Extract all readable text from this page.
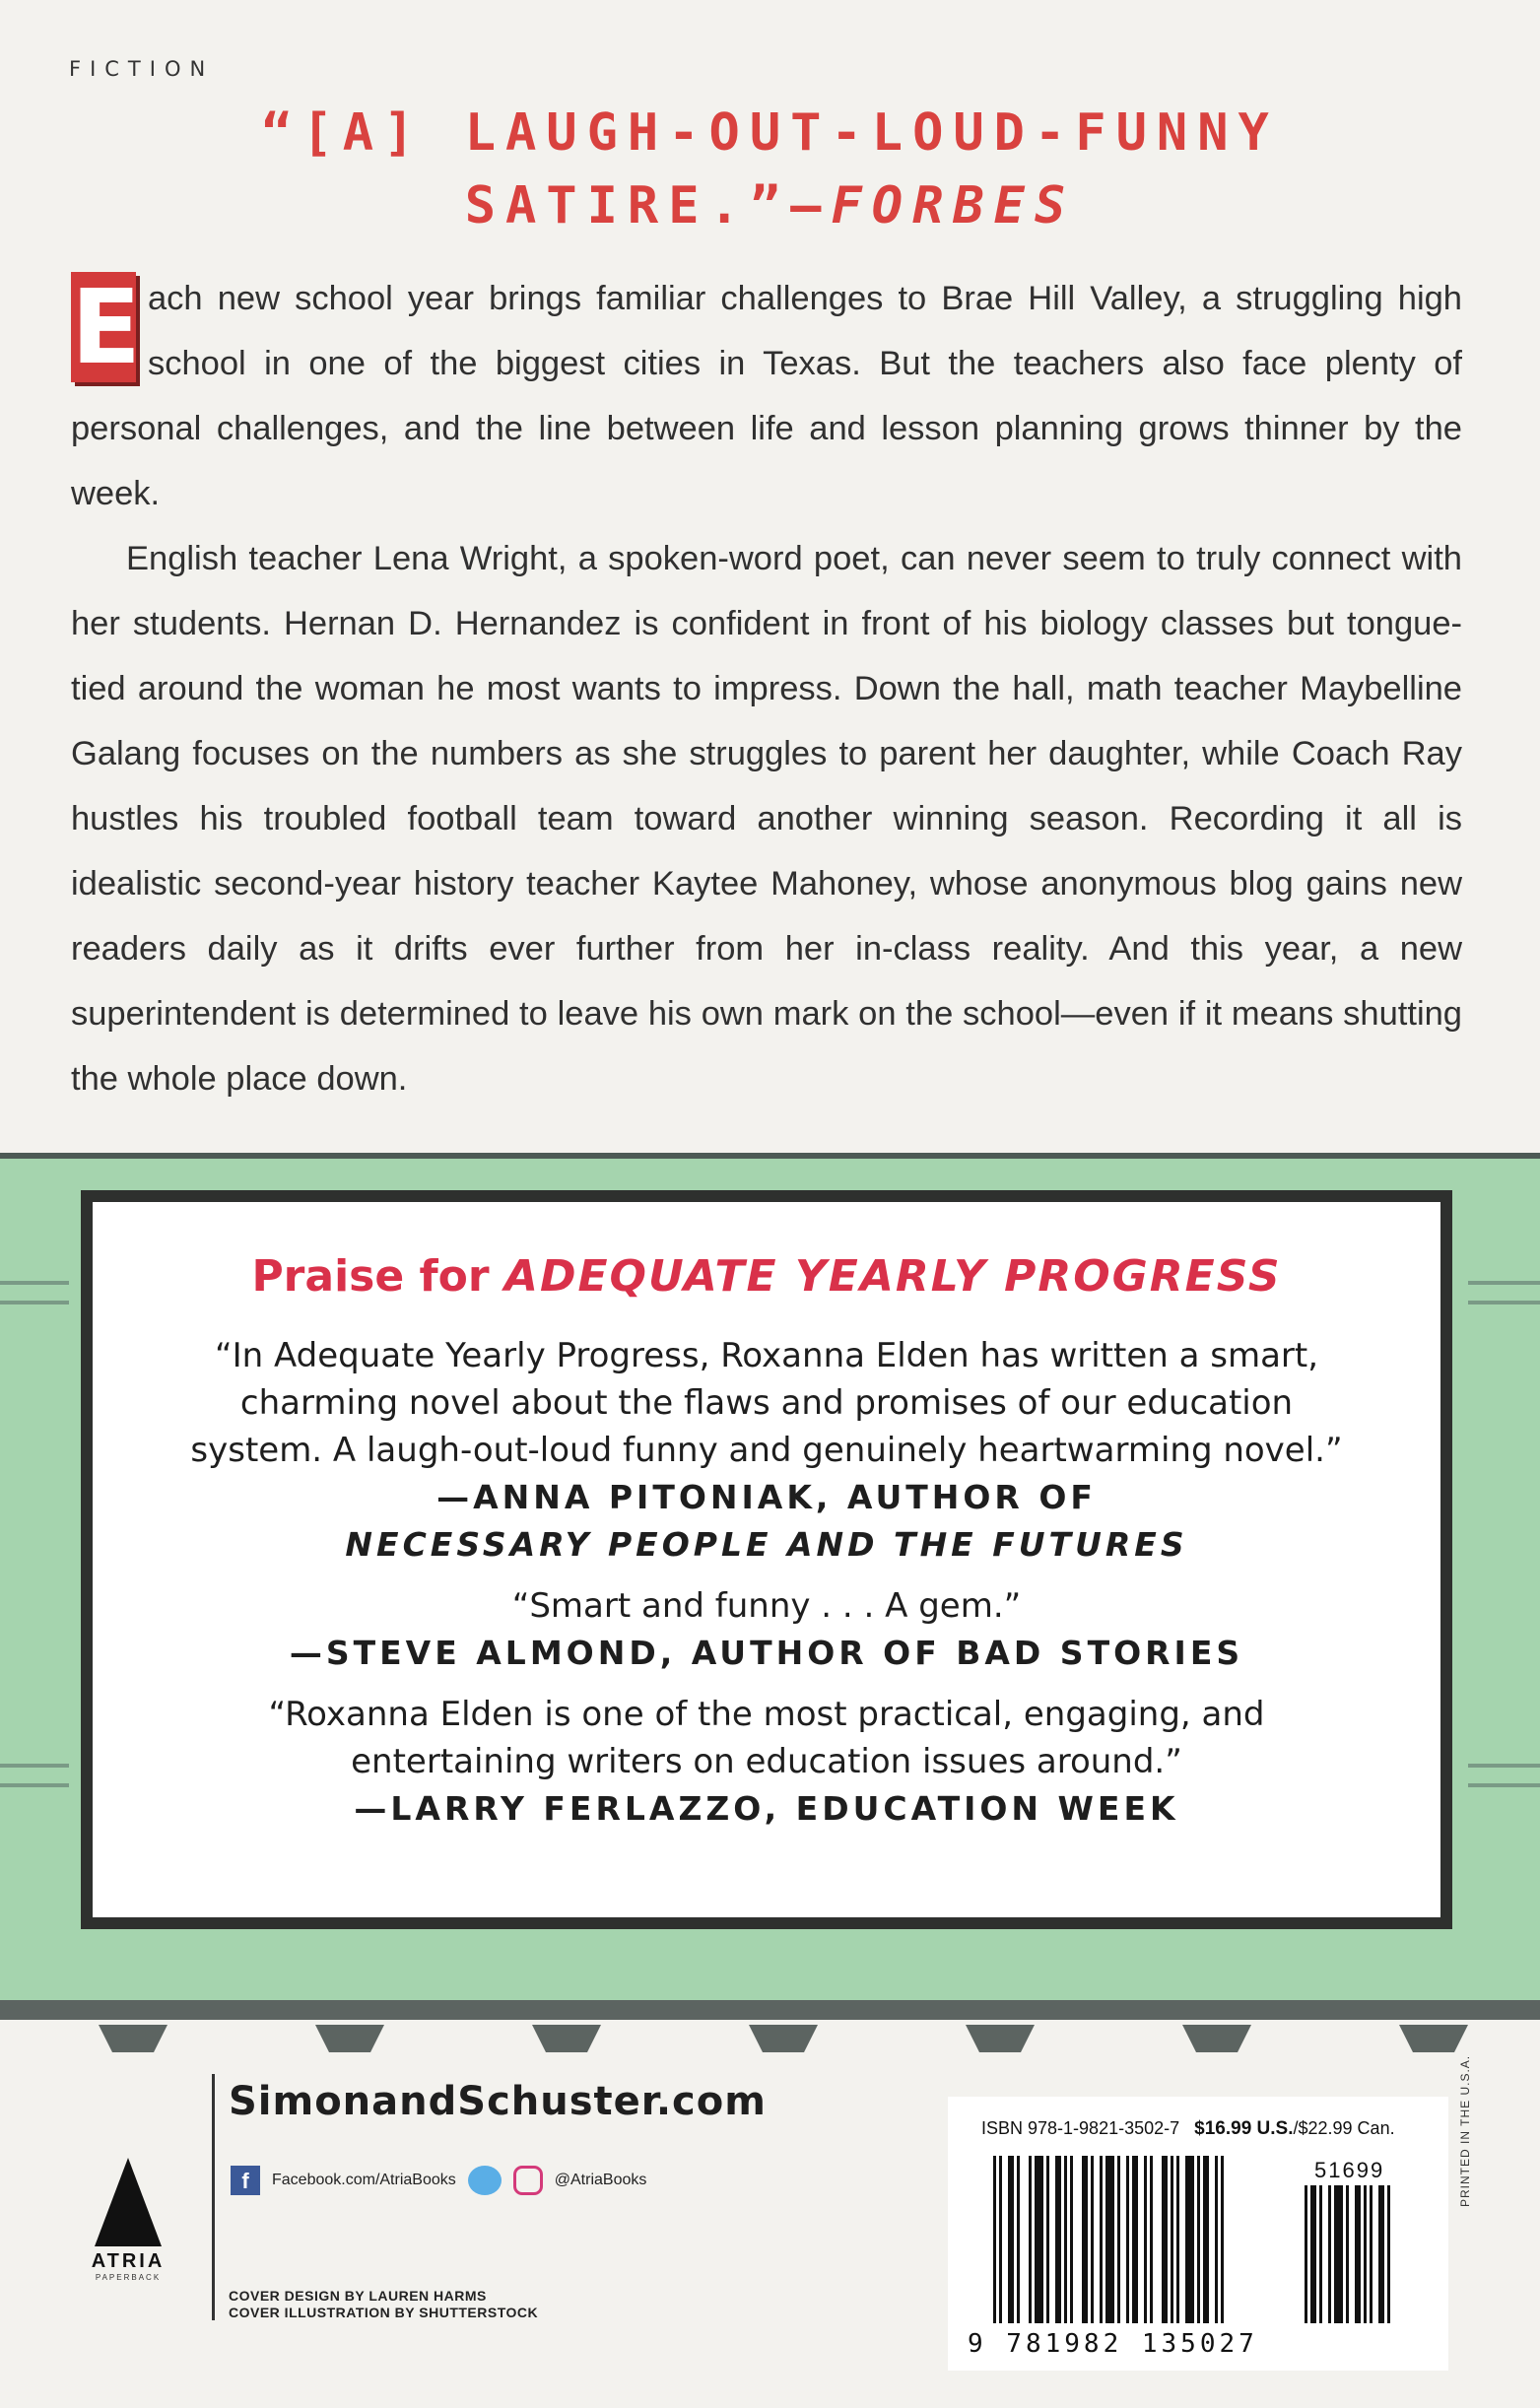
FICTION
“[A] LAUGH-OUT-LOUD-FUNNY
SATIRE.”—FORBES

E ach new school year brings familiar challenges to Brae Hill Valley, a struggling high school in one of the biggest cities in Texas. But the teachers also face plenty of personal challenges, and the line between life and lesson planning grows thinner by the week.

English teacher Lena Wright, a spoken-word poet, can never seem to truly connect with her students. Hernan D. Hernandez is confident in front of his biology classes but tongue-tied around the woman he most wants to impress. Down the hall, math teacher Maybelline Galang focuses on the numbers as she struggles to parent her daughter, while Coach Ray hustles his troubled football team toward another winning season. Recording it all is idealistic second-year history teacher Kaytee Mahoney, whose anonymous blog gains new readers daily as it drifts ever further from her in-class reality. And this year, a new superintendent is determined to leave his own mark on the school—even if it means shutting the whole place down.

Praise for ADEQUATE YEARLY PROGRESS

“In Adequate Yearly Progress, Roxanna Elden has written a smart, charming novel about the flaws and promises of our education system. A laugh-out-loud funny and genuinely heartwarming novel.”

—ANNA PITONIAK, AUTHOR OF

NECESSARY PEOPLE AND THE FUTURES

“Smart and funny . . . A gem.”

—STEVE ALMOND, AUTHOR OF BAD STORIES

“Roxanna Elden is one of the most practical, engaging, and entertaining writers on education issues around.”

—LARRY FERLAZZO, EDUCATION WEEK

ATRIA
PAPERBACK
SimonandSchuster.com
f	Facebook.com/AtriaBooks	@AtriaBooks
COVER DESIGN BY LAUREN HARMS
COVER ILLUSTRATION BY SHUTTERSTOCK
ISBN 978-1-9821-3502-7 $16.99 U.S./$22.99 Can.
51699
9 781982 135027
PRINTED IN THE U.S.A.
